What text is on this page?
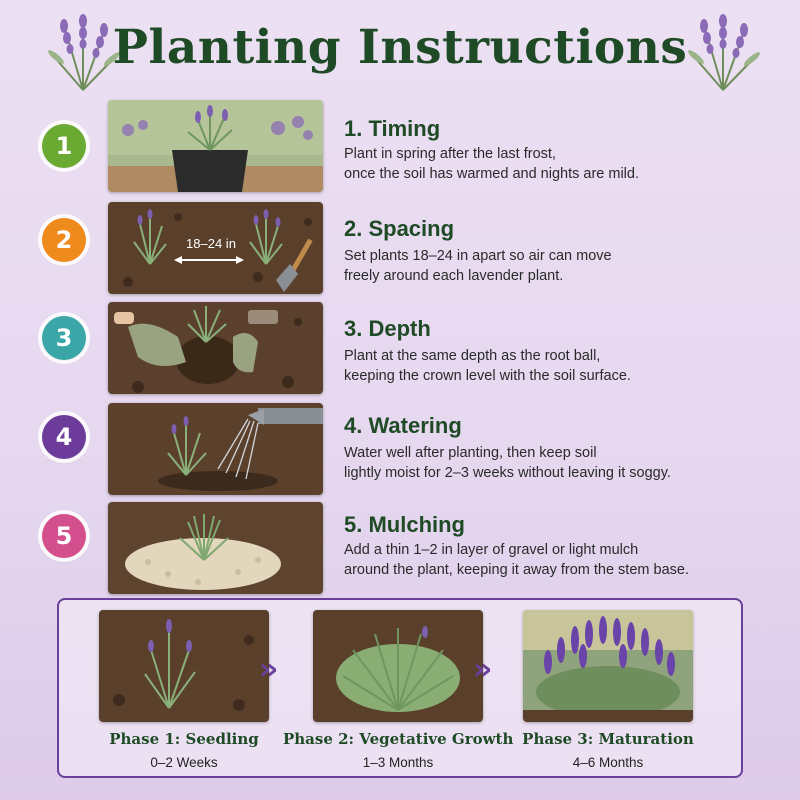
Planting Instructions
1
1. Timing
Plant in spring after the last frost,
once the soil has warmed and nights are mild.
2	18–24 in
2. Spacing
Set plants 18–24 in apart so air can move
freely around each lavender plant.
3	3. Depth
Plant at the same depth as the root ball,
keeping the crown level with the soil surface.
4	4. Watering
Water well after planting, then keep soil
lightly moist for 2–3 weeks without leaving it soggy.
5	5. Mulching
Add a thin 1–2 in layer of gravel or light mulch
around the plant, keeping it away from the stem base.
Phase 1: Seedling
0–2 Weeks
»
Phase 2: Vegetative Growth
1–3 Months
»
Phase 3: Maturation
4–6 Months
